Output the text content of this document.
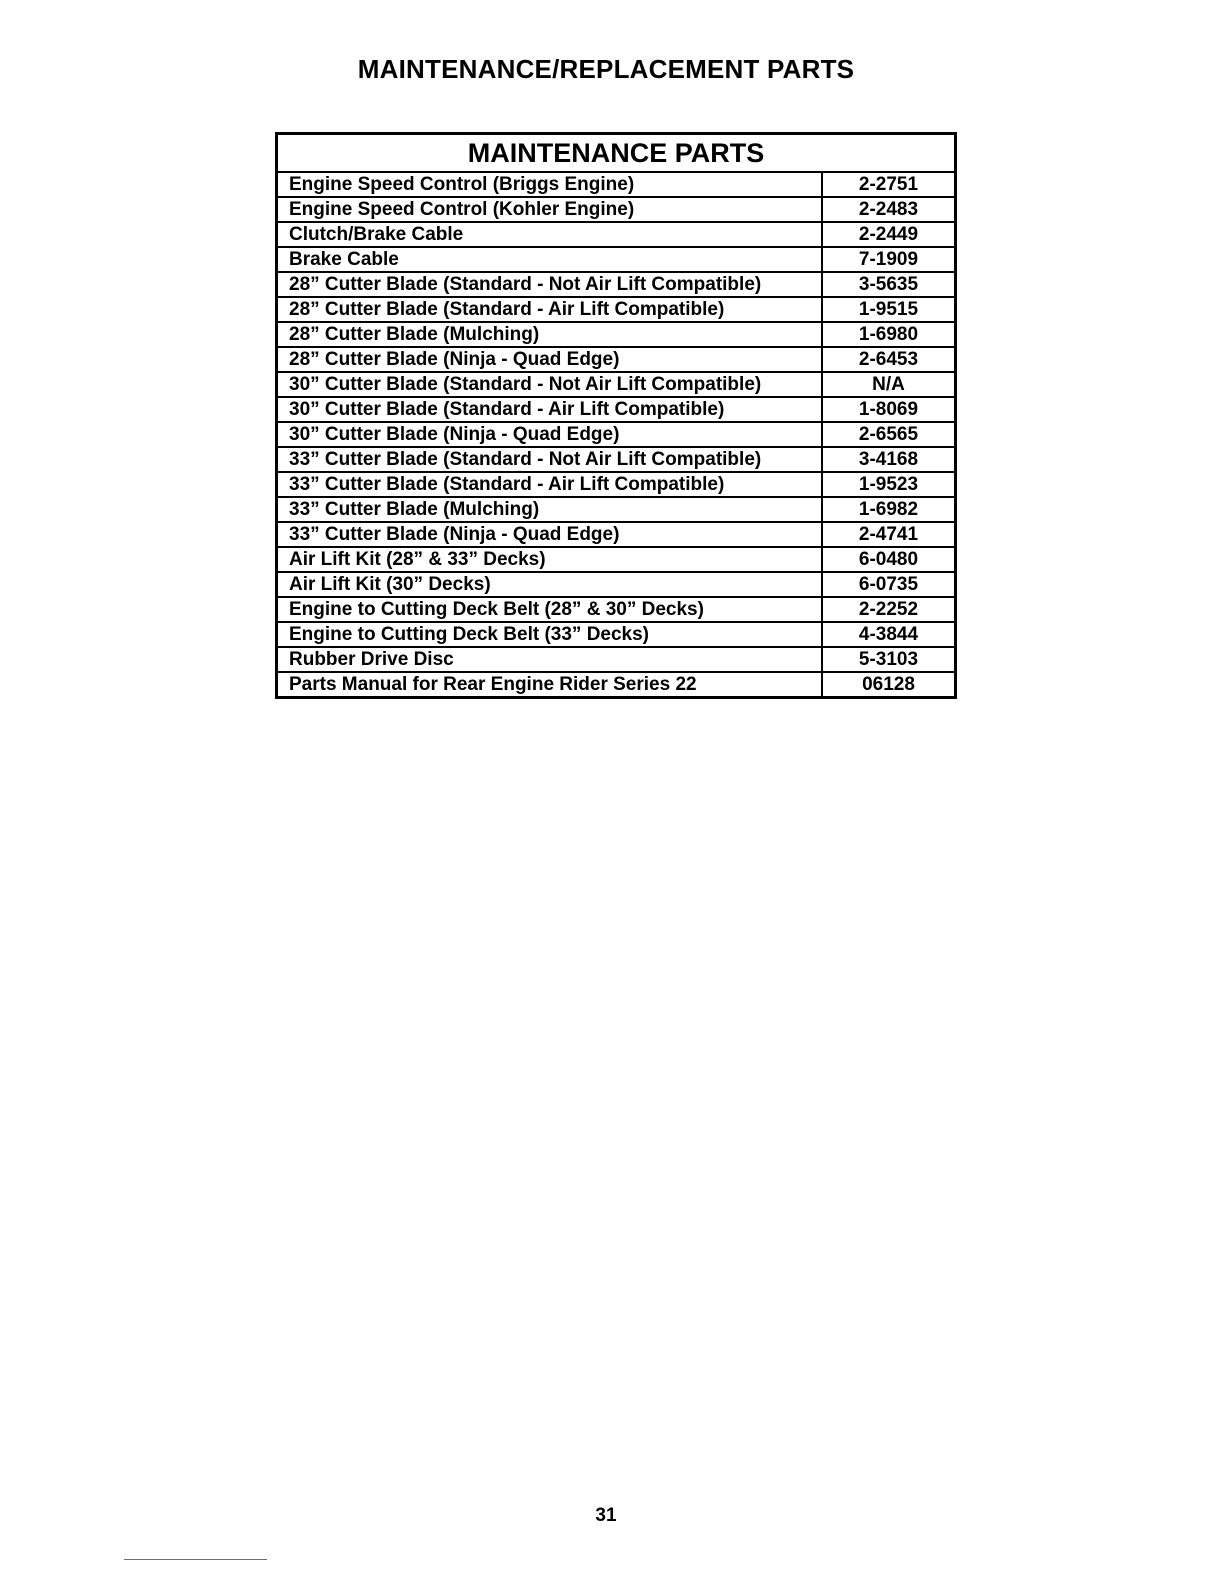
MAINTENANCE/REPLACEMENT PARTS
MAINTENANCE PARTS	
Engine Speed Control (Briggs Engine)	2-2751
Engine Speed Control (Kohler Engine)	2-2483
Clutch/Brake Cable	2-2449
Brake Cable	7-1909
28” Cutter Blade (Standard - Not Air Lift Compatible)	3-5635
28” Cutter Blade (Standard - Air Lift Compatible)	1-9515
28” Cutter Blade (Mulching)	1-6980
28” Cutter Blade (Ninja - Quad Edge)	2-6453
30” Cutter Blade (Standard - Not Air Lift Compatible)	N/A
30” Cutter Blade (Standard - Air Lift Compatible)	1-8069
30” Cutter Blade (Ninja - Quad Edge)	2-6565
33” Cutter Blade (Standard - Not Air Lift Compatible)	3-4168
33” Cutter Blade (Standard - Air Lift Compatible)	1-9523
33” Cutter Blade (Mulching)	1-6982
33” Cutter Blade (Ninja - Quad Edge)	2-4741
Air Lift Kit (28” & 33” Decks)	6-0480
Air Lift Kit (30” Decks)	6-0735
Engine to Cutting Deck Belt (28” & 30” Decks)	2-2252
Engine to Cutting Deck Belt (33” Decks)	4-3844
Rubber Drive Disc	5-3103
Parts Manual for Rear Engine Rider Series 22	06128
31
